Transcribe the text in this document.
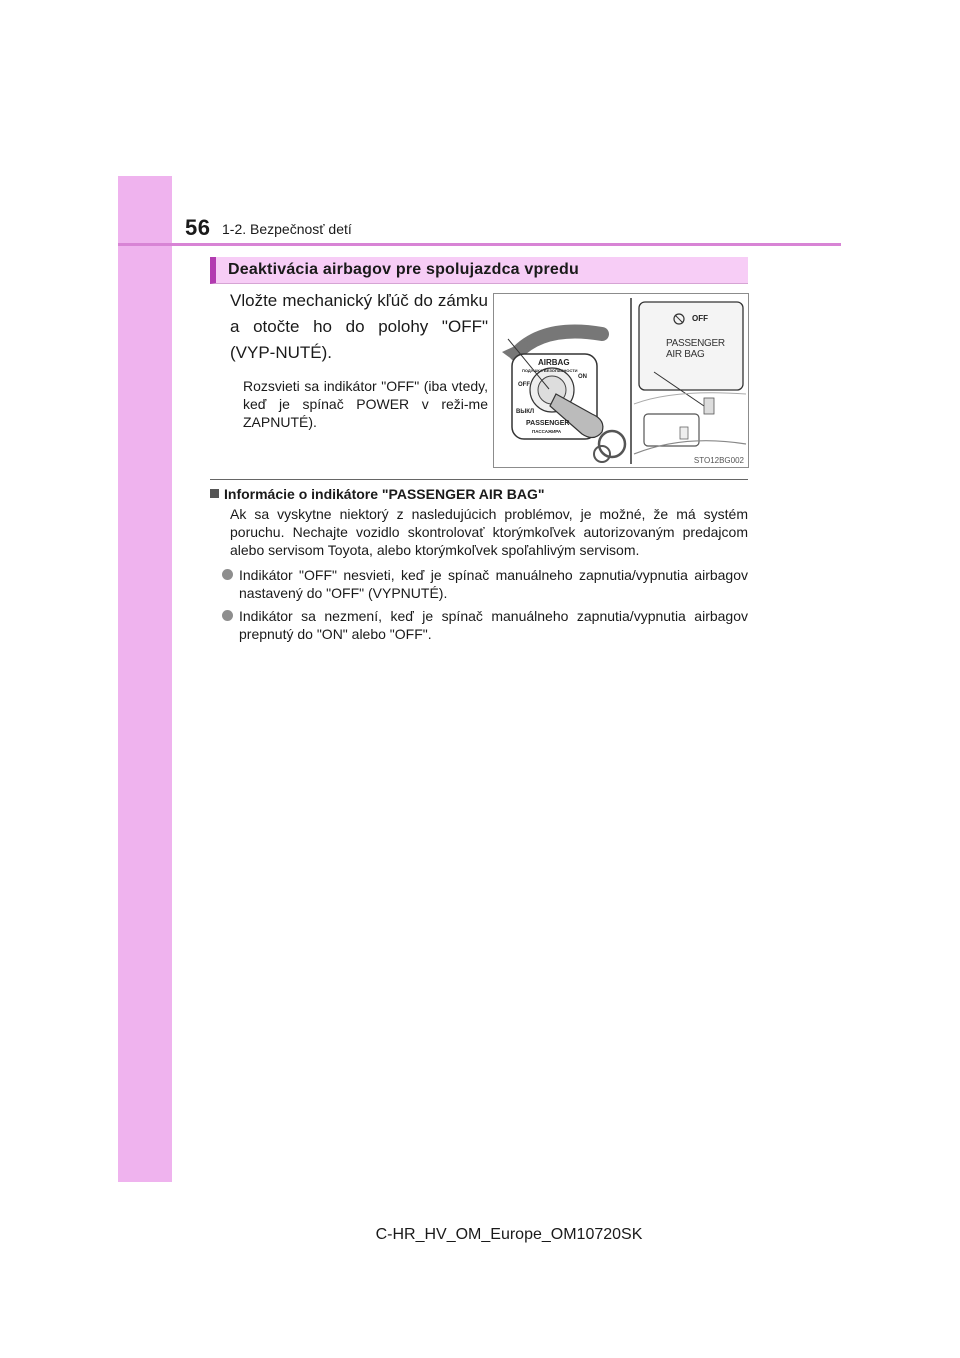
56 1-2. Bezpečnosť detí
Deaktivácia airbagov pre spolujazdca vpredu
Vložte mechanický kľúč do zámku a otočte ho do polohy "OFF" (VYP-NUTÉ).
Rozsvieti sa indikátor "OFF" (iba vtedy, keď je spínač POWER v reži-me ZAPNUTÉ).
OFF
PASSENGER
AIR BAG
AIRBAG
ПОДУШКА БЕЗОПАСНОСТИ
ON
OFF
ВЫКЛ
PASSENGER
ПАССАЖИРА
STO12BG002
Informácie o indikátore "PASSENGER AIR BAG"
Ak sa vyskytne niektorý z nasledujúcich problémov, je možné, že má systém poruchu. Nechajte vozidlo skontrolovať ktorýmkoľvek autorizovaným predajcom alebo servisom Toyota, alebo ktorýmkoľvek spoľahlivým servisom.
Indikátor "OFF" nesvieti, keď je spínač manuálneho zapnutia/vypnutia airbagov nastavený do "OFF" (VYPNUTÉ).
Indikátor sa nezmení, keď je spínač manuálneho zapnutia/vypnutia airbagov prepnutý do "ON" alebo "OFF".
C-HR_HV_OM_Europe_OM10720SK
